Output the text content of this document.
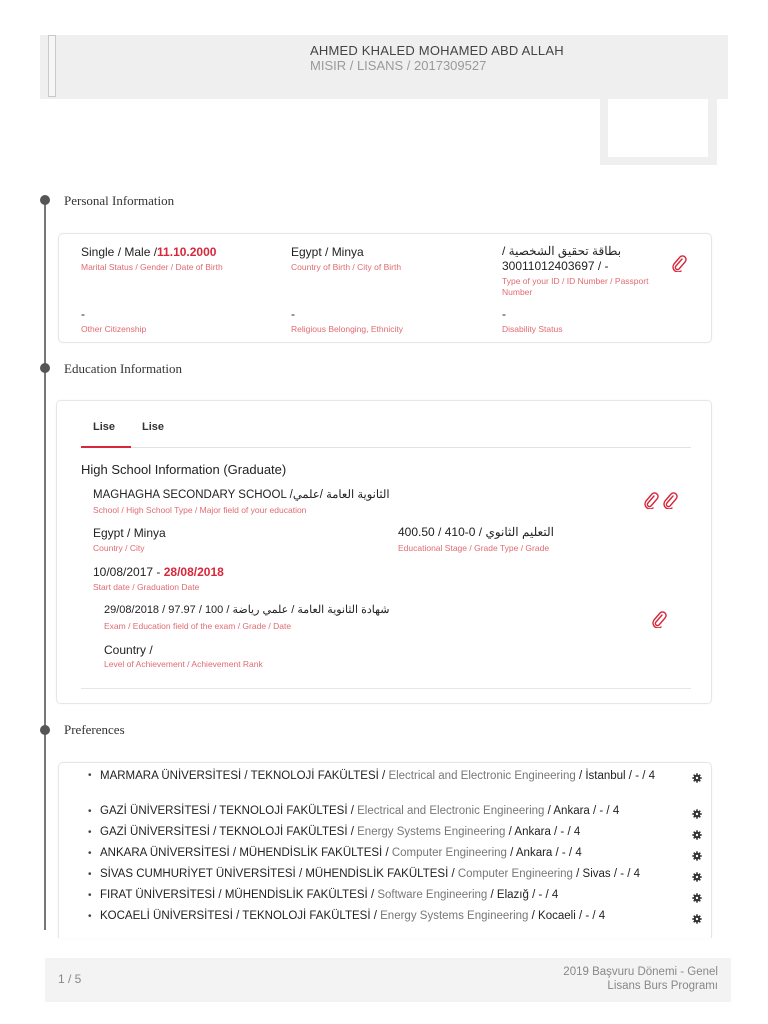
AHMED KHALED MOHAMED ABD ALLAH
MISIR / LISANS / 2017309527
Personal Information
Single / Male /11.10.2000
Marital Status / Gender / Date of Birth
Egypt / Minya
Country of Birth / City of Birth
بطاقة تحقيق الشخصية /
30011012403697 / -
Type of your ID / ID Number / Passport Number
-
Other Citizenship
-
Religious Belonging, Ethnicity
-
Disability Status
Education Information
Lise Lise
High School Information (Graduate)
MAGHAGHA SECONDARY SCHOOL /الثانوية العامة /علمي
School / High School Type / Major field of your education
Egypt / Minya
Country / City
التعليم الثانوي / 0-410 / 400.50
Educational Stage / Grade Type / Grade
10/08/2017 - 28/08/2018
Start date / Graduation Date
شهادة الثانوية العامة / علمي رياضة / 100 / 97.97 / 29/08/2018
Exam / Education field of the exam / Grade / Date
Country /
Level of Achievement / Achievement Rank
Preferences
• MARMARA ÜNİVERSİTESİ / TEKNOLOJİ FAKÜLTESİ / Electrical and Electronic Engineering / İstanbul / - / 4
• GAZİ ÜNİVERSİTESİ / TEKNOLOJİ FAKÜLTESİ / Electrical and Electronic Engineering / Ankara / - / 4
• GAZİ ÜNİVERSİTESİ / TEKNOLOJİ FAKÜLTESİ / Energy Systems Engineering / Ankara / - / 4
• ANKARA ÜNİVERSİTESİ / MÜHENDİSLİK FAKÜLTESİ / Computer Engineering / Ankara / - / 4
• SİVAS CUMHURİYET ÜNİVERSİTESİ / MÜHENDİSLİK FAKÜLTESİ / Computer Engineering / Sivas / - / 4
• FIRAT ÜNİVERSİTESİ / MÜHENDİSLİK FAKÜLTESİ / Software Engineering / Elazığ / - / 4
• KOCAELİ ÜNİVERSİTESİ / TEKNOLOJİ FAKÜLTESİ / Energy Systems Engineering / Kocaeli / - / 4
1 / 5	2019 Başvuru Dönemi - Genel
Lisans Burs Programı
